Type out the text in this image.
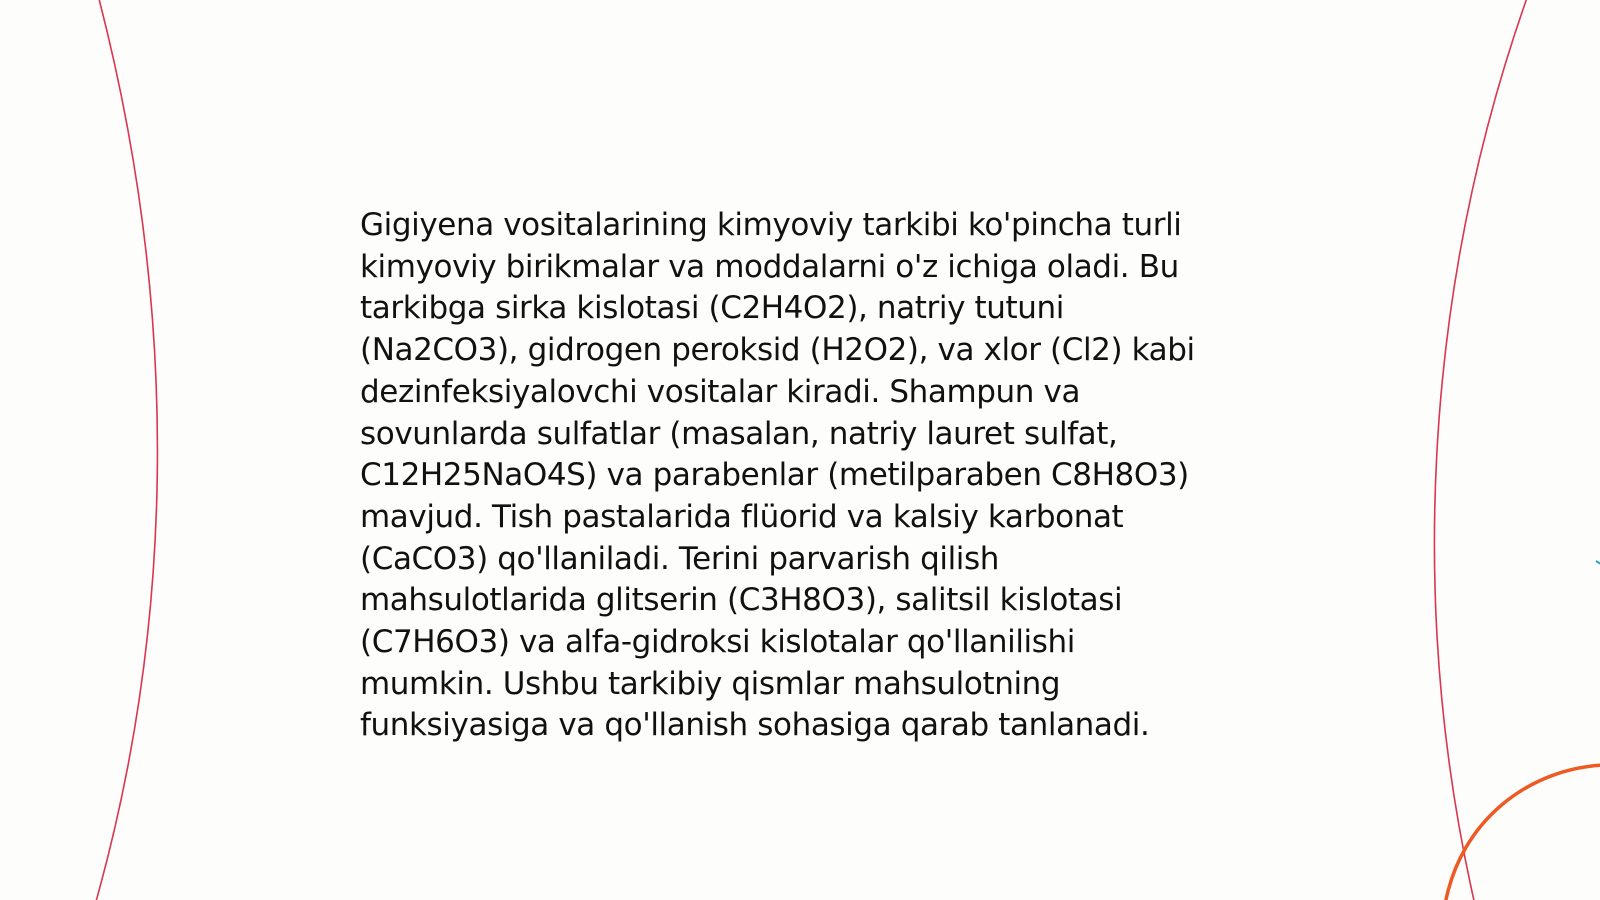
Gigiyena vositalarining kimyoviy tarkibi ko'pincha turli
kimyoviy birikmalar va moddalarni o'z ichiga oladi. Bu
tarkibga sirka kislotasi (C2H4O2), natriy tutuni
(Na2CO3), gidrogen peroksid (H2O2), va xlor (Cl2) kabi
dezinfeksiyalovchi vositalar kiradi. Shampun va
sovunlarda sulfatlar (masalan, natriy lauret sulfat,
C12H25NaO4S) va parabenlar (metilparaben C8H8O3)
mavjud. Tish pastalarida flüorid va kalsiy karbonat
(CaCO3) qo'llaniladi. Terini parvarish qilish
mahsulotlarida glitserin (C3H8O3), salitsil kislotasi
(C7H6O3) va alfa-gidroksi kislotalar qo'llanilishi
mumkin. Ushbu tarkibiy qismlar mahsulotning
funksiyasiga va qo'llanish sohasiga qarab tanlanadi.
